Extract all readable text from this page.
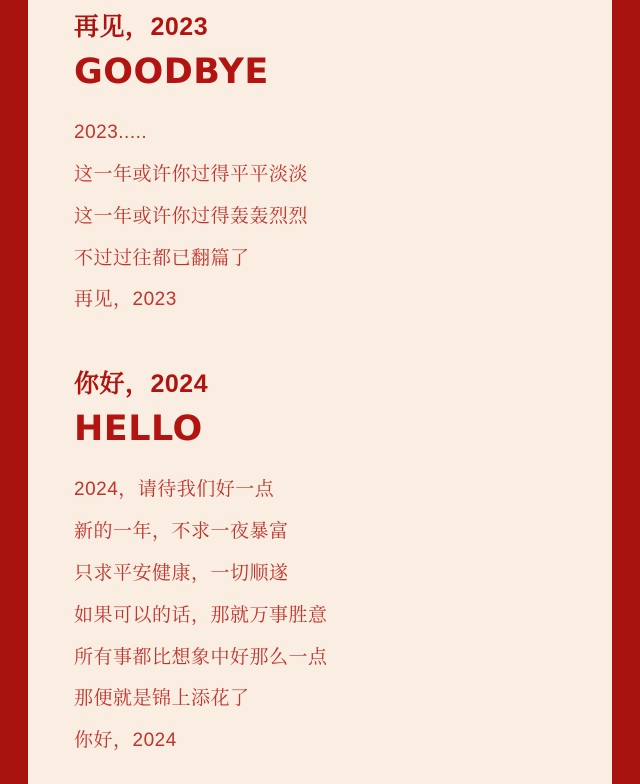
再见，2023
GOODBYE
2023.....
这一年或许你过得平平淡淡
这一年或许你过得轰轰烈烈
不过过往都已翻篇了
再见，2023
你好，2024
HELLO
2024，请待我们好一点
新的一年，不求一夜暴富
只求平安健康，一切顺遂
如果可以的话，那就万事胜意
所有事都比想象中好那么一点
那便就是锦上添花了
你好，2024
